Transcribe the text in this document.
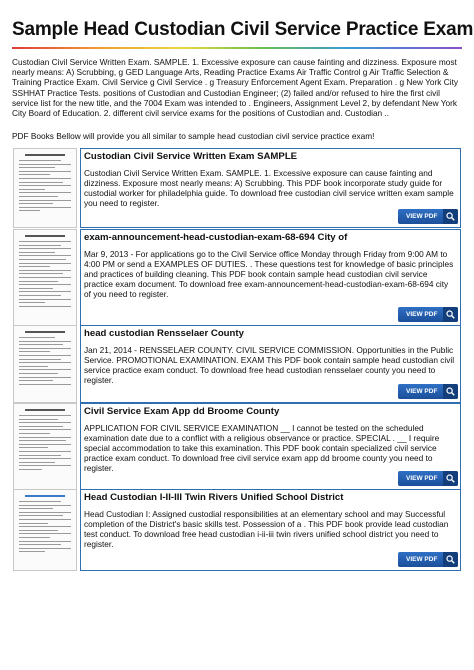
Sample Head Custodian Civil Service Practice Exam
Custodian Civil Service Written Exam. SAMPLE. 1. Excessive exposure can cause fainting and dizziness. Exposure most nearly means: A) Scrubbing, g GED Language Arts, Reading Practice Exams Air Traffic Control g Air Traffic Selection & Training Practice Exam. Civil Service g Civil Service . g Treasury Enforcement Agent Exam. Preparation . g New York City SSHHAT Practice Tests. positions of Custodian and Custodian Engineer; (2) failed and/or refused to hire the first civil service list for the new title, and the 7004 Exam was intended to . Engineers, Assignment Level 2, by defendant New York City Board of Education. 2. different civil service exams for the positions of Custodian and. Custodian ..
PDF Books Bellow will provide you all similar to sample head custodian civil service practice exam!
Custodian Civil Service Written Exam SAMPLE
Custodian Civil Service Written Exam. SAMPLE. 1. Excessive exposure can cause fainting and dizziness. Exposure most nearly means: A) Scrubbing. This PDF book incorporate study guide for custodial worker for philadelphia guide. To download free custodian civil service written exam sample you need to register.
VIEW PDF
exam-announcement-head-custodian-exam-68-694 City of
Mar 9, 2013 - For applications go to the Civil Service office Monday through Friday from 9:00 AM to 4:00 PM or send a EXAMPLES OF DUTIES. . These questions test for knowledge of basic principles and practices of building cleaning. This PDF book contain sample head custodian civil service practice exam document. To download free exam-announcement-head-custodian-exam-68-694 city of you need to register.
VIEW PDF
head custodian Rensselaer County
Jan 21, 2014 - RENSSELAER COUNTY. CIVIL SERVICE COMMISSION. Opportunities in the Public Service. PROMOTIONAL EXAMINATION. EXAM This PDF book contain sample head custodian civil service practice exam conduct. To download free head custodian rensselaer county you need to register.
VIEW PDF
Civil Service Exam App dd Broome County
APPLICATION FOR CIVIL SERVICE EXAMINATION __ I cannot be tested on the scheduled examination date due to a conflict with a religious observance or practice. SPECIAL . __ I require special accommodation to take this examination. This PDF book contain specialized civil service practice exam conduct. To download free civil service exam app dd broome county you need to register.
VIEW PDF
Head Custodian I-II-III Twin Rivers Unified School District
Head Custodian I: Assigned custodial responsibilities at an elementary school and may Successful completion of the District's basic skills test. Possession of a . This PDF book provide lead custodian test conduct. To download free head custodian i-ii-iii twin rivers unified school district you need to register.
VIEW PDF
